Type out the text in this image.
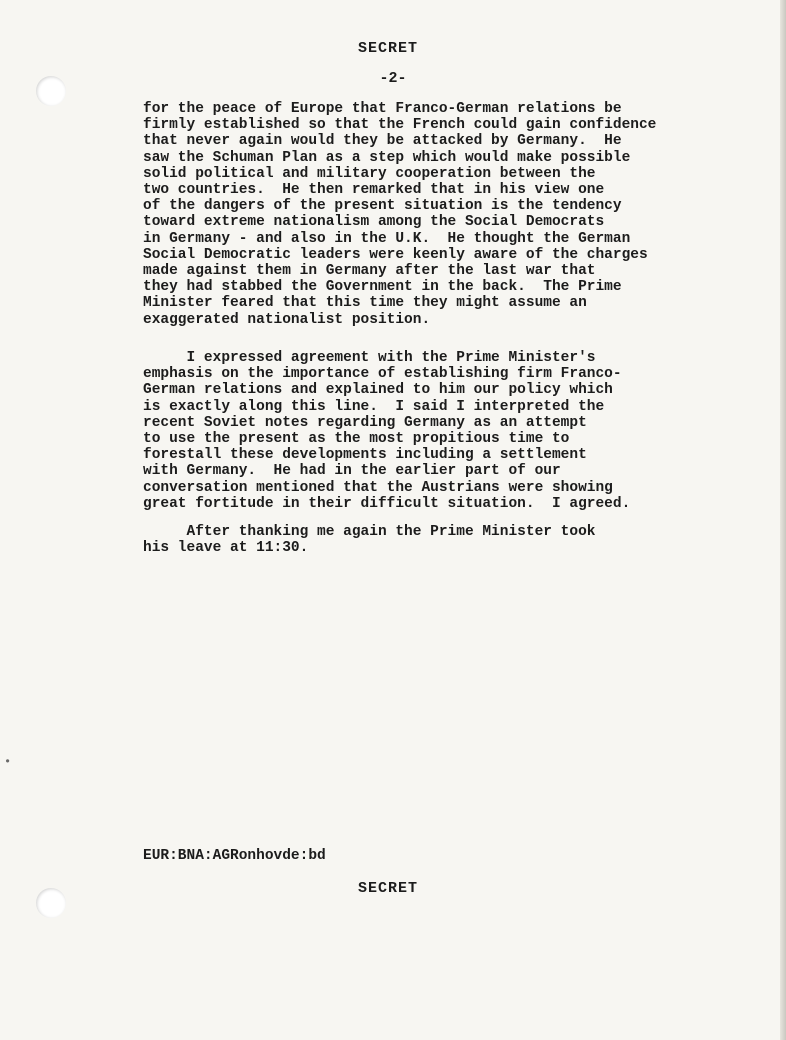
SECRET
-2-

for the peace of Europe that Franco-German relations be
firmly established so that the French could gain confidence
that never again would they be attacked by Germany.  He
saw the Schuman Plan as a step which would make possible
solid political and military cooperation between the
two countries.  He then remarked that in his view one
of the dangers of the present situation is the tendency
toward extreme nationalism among the Social Democrats
in Germany - and also in the U.K.  He thought the German
Social Democratic leaders were keenly aware of the charges
made against them in Germany after the last war that
they had stabbed the Government in the back.  The Prime
Minister feared that this time they might assume an
exaggerated nationalist position.

I expressed agreement with the Prime Minister's
emphasis on the importance of establishing firm Franco-
German relations and explained to him our policy which
is exactly along this line.  I said I interpreted the
recent Soviet notes regarding Germany as an attempt
to use the present as the most propitious time to
forestall these developments including a settlement
with Germany.  He had in the earlier part of our
conversation mentioned that the Austrians were showing
great fortitude in their difficult situation.  I agreed.

After thanking me again the Prime Minister took
his leave at 11:30.

EUR:BNA:AGRonhovde:bd
SECRET
•
